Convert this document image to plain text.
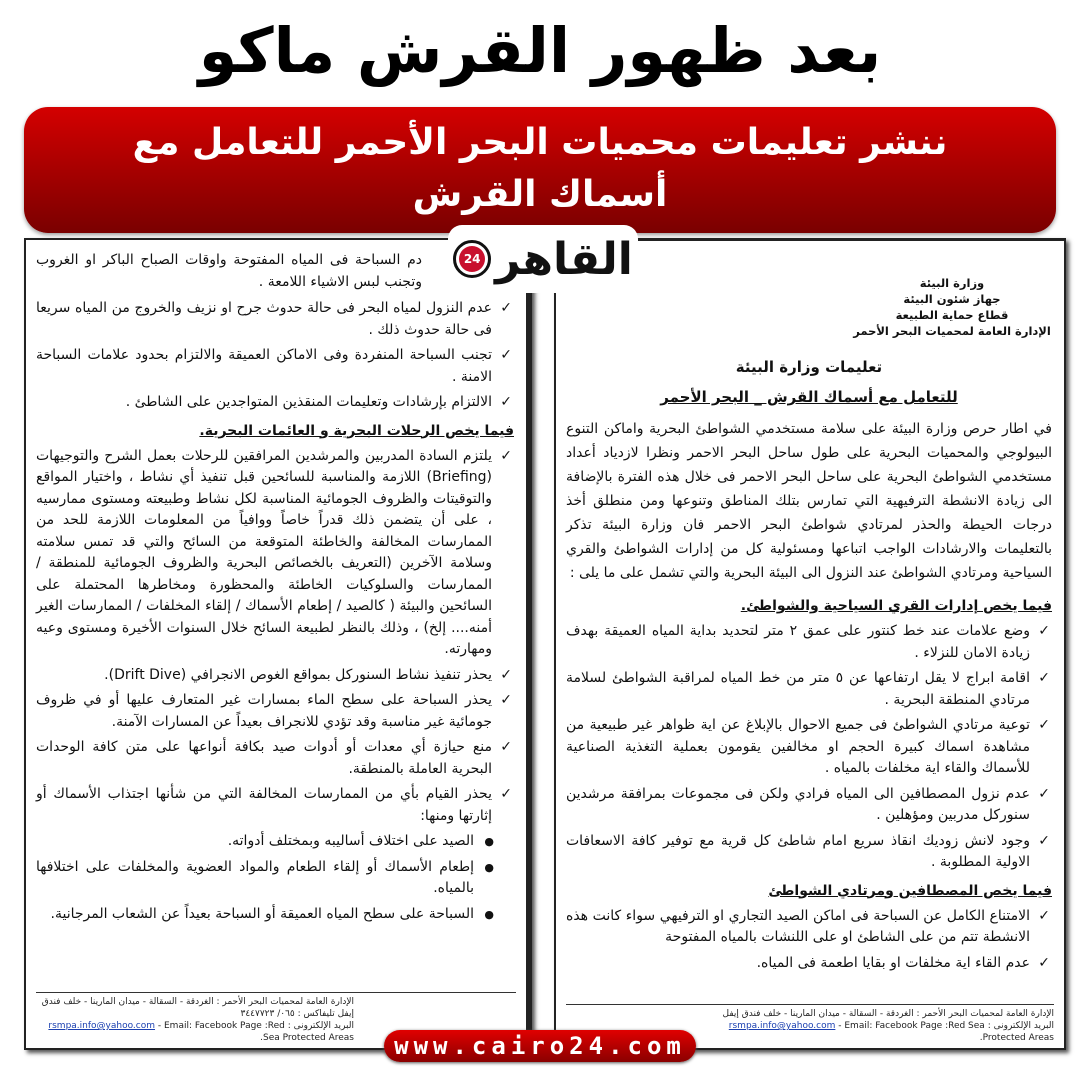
بعد ظهور القرش ماكو
ننشر تعليمات محميات البحر الأحمر للتعامل مع
أسماك القرش
القاهر
24
وزارة البيئة
جهاز شئون البيئة
قطاع حماية الطبيعة
الإدارة العامة لمحميات البحر الأحمر
تعليمات وزارة البيئة
للتعامل مع أسماك القرش _ البحر الأحمر
في اطار حرص وزارة البيئة على سلامة مستخدمي الشواطئ البحرية واماكن التنوع البيولوجي والمحميات البحرية على طول ساحل البحر الاحمر ونظرا لازدياد أعداد مستخدمي الشواطئ البحرية على ساحل البحر الاحمر فى خلال هذه الفترة بالإضافة الى زيادة الانشطة الترفيهية التي تمارس بتلك المناطق وتنوعها ومن منطلق أخذ درجات الحيطة والحذر لمرتادي شواطئ البحر الاحمر فان وزارة البيئة تذكر بالتعليمات والارشادات الواجب اتباعها ومسئولية كل من إدارات الشواطئ والقري السياحية ومرتادي الشواطئ عند النزول الى البيئة البحرية والتي تشمل على ما يلى :
فيما يخص إدارات القري السياحية والشواطئ.
✓
وضع علامات عند خط كنتور على عمق ٢ متر لتحديد بداية المياه العميقة بهدف زيادة الامان للنزلاء .
✓
اقامة ابراج لا يقل ارتفاعها عن ٥ متر من خط المياه لمراقبة الشواطئ لسلامة مرتادي المنطقة البحرية .
✓
توعية مرتادي الشواطئ فى جميع الاحوال بالإبلاغ عن اية ظواهر غير طبيعية من مشاهدة اسماك كبيرة الحجم او مخالفين يقومون بعملية التغذية الصناعية للأسماك والقاء اية مخلفات بالمياه .
✓
عدم نزول المصطافين الى المياه فرادي ولكن فى مجموعات بمرافقة مرشدين سنوركل مدربين ومؤهلين .
✓
وجود لانش زوديك انقاذ سريع امام شاطئ كل قرية مع توفير كافة الاسعافات الاولية المطلوبة .
فيما يخص المصطافين ومرتادي الشواطئ
✓
الامتناع الكامل عن السباحة فى اماكن الصيد التجاري او الترفيهي سواء كانت هذه الانشطة تتم من على الشاطئ او على اللنشات بالمياه المفتوحة
✓
عدم القاء اية مخلفات او بقايا اطعمة فى المياه.
الإدارة العامة لمحميات البحر الأحمر : الغردقة - السقالة - ميدان المارينا - خلف فندق إيفل
البريد الإلكترونى : rsmpa.info@yahoo.com - Email: Facebook Page :Red Sea Protected Areas.
دم السباحة فى المياه المفتوحة واوقات الصباح الباكر او الغروب وتجنب لبس الاشياء اللامعة .
✓
عدم النزول لمياه البحر فى حالة حدوث جرح او نزيف والخروج من المياه سريعا فى حالة حدوث ذلك .
✓
تجنب السباحة المنفردة وفى الاماكن العميقة والالتزام بحدود علامات السباحة الامنة .
✓
الالتزام بإرشادات وتعليمات المنقذين المتواجدين على الشاطئ .
فيما يخص الرحلات البحرية و العائمات البحرية.
✓
يلتزم السادة المدربين والمرشدين المرافقين للرحلات بعمل الشرح والتوجيهات (Briefing) اللازمة والمناسبة للسائحين قبل تنفيذ أي نشاط ، واختيار المواقع والتوقيتات والظروف الجومائية المناسبة لكل نشاط وطبيعته ومستوى ممارسيه ، على أن يتضمن ذلك قدراً خاصاً ووافياً من المعلومات اللازمة للحد من الممارسات المخالفة والخاطئة المتوقعة من السائح والتي قد تمس سلامته وسلامة الآخرين (التعريف بالخصائص البحرية والظروف الجومائية للمنطقة / الممارسات والسلوكيات الخاطئة والمحظورة ومخاطرها المحتملة على السائحين والبيئة ( كالصيد / إطعام الأسماك / إلقاء المخلفات / الممارسات الغير أمنه.... إلخ) ، وذلك بالنظر لطبيعة السائح خلال السنوات الأخيرة ومستوى وعيه ومهارته.
✓
يحذر تنفيذ نشاط السنوركل بمواقع الغوص الانجرافي (Drift Dive).
✓
يحذر السباحة على سطح الماء بمسارات غير المتعارف عليها أو في ظروف جومائية غير مناسبة وقد تؤدي للانجراف بعيداً عن المسارات الآمنة.
✓
منع حيازة أي معدات أو أدوات صيد بكافة أنواعها على متن كافة الوحدات البحرية العاملة بالمنطقة.
✓
يحذر القيام بأي من الممارسات المخالفة التي من شأنها اجتذاب الأسماك أو إثارتها ومنها:
●
الصيد على اختلاف أساليبه وبمختلف أدواته.
●
إطعام الأسماك أو إلقاء الطعام والمواد العضوية والمخلفات على اختلافها بالمياه.
●
السباحة على سطح المياه العميقة أو السباحة بعيداً عن الشعاب المرجانية.
الإدارة العامة لمحميات البحر الأحمر : الغردقة - السقالة - ميدان المارينا - خلف فندق إيفل تليفاكس : ٠٦٥/ ٣٤٤٧٧٢٣
البريد الإلكترونى : rsmpa.info@yahoo.com - Email: Facebook Page :Red Sea Protected Areas.	www.cairo24.com
